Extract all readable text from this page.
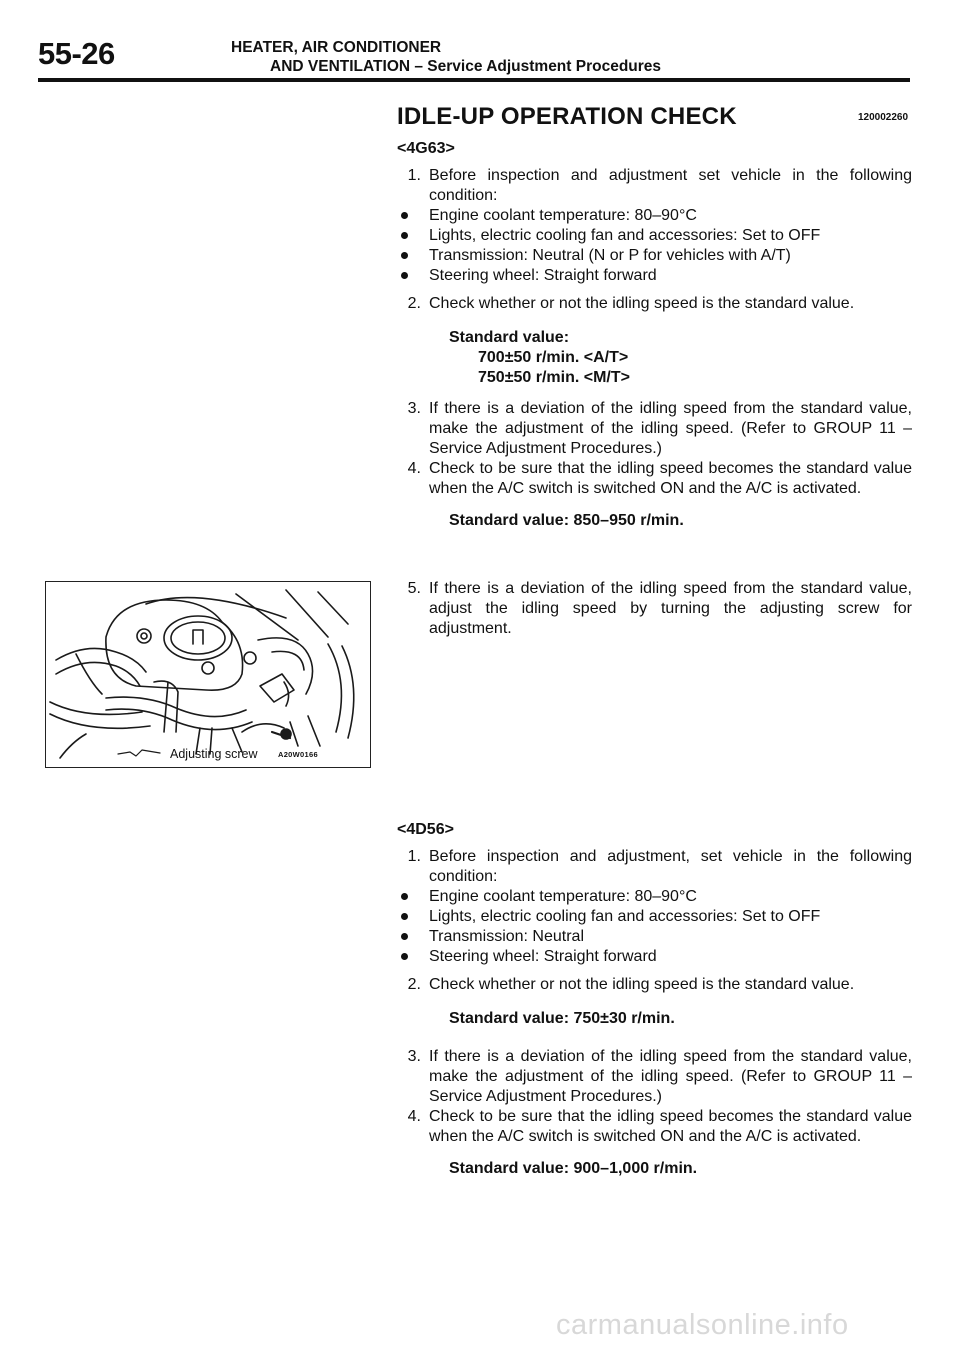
55-26	HEATER, AIR CONDITIONER
AND VENTILATION – Service Adjustment Procedures
IDLE-UP OPERATION CHECK	120002260
<4G63>
1. Before inspection and adjustment set vehicle in the following condition:
Engine coolant temperature: 80–90°C
Lights, electric cooling fan and accessories: Set to OFF
Transmission: Neutral (N or P for vehicles with A/T)
Steering wheel: Straight forward
2. Check whether or not the idling speed is the standard value.
Standard value:
700±50 r/min. <A/T>
750±50 r/min. <M/T>
3. If there is a deviation of the idling speed from the standard value, make the adjustment of the idling speed. (Refer to GROUP 11 – Service Adjustment Procedures.)
4. Check to be sure that the idling speed becomes the standard value when the A/C switch is switched ON and the A/C is activated.
Standard value: 850–950 r/min.
5. If there is a deviation of the idling speed from the standard value, adjust the idling speed by turning the adjusting screw for adjustment.
Adjusting screw	A20W0166
<4D56>
1. Before inspection and adjustment, set vehicle in the following condition:
Engine coolant temperature: 80–90°C
Lights, electric cooling fan and accessories: Set to OFF
Transmission: Neutral
Steering wheel: Straight forward
2. Check whether or not the idling speed is the standard value.
Standard value: 750±30 r/min.
3. If there is a deviation of the idling speed from the standard value, make the adjustment of the idling speed. (Refer to GROUP 11 – Service Adjustment Procedures.)
4. Check to be sure that the idling speed becomes the standard value when the A/C switch is switched ON and the A/C is activated.
Standard value: 900–1,000 r/min.
carmanualsonline.info
